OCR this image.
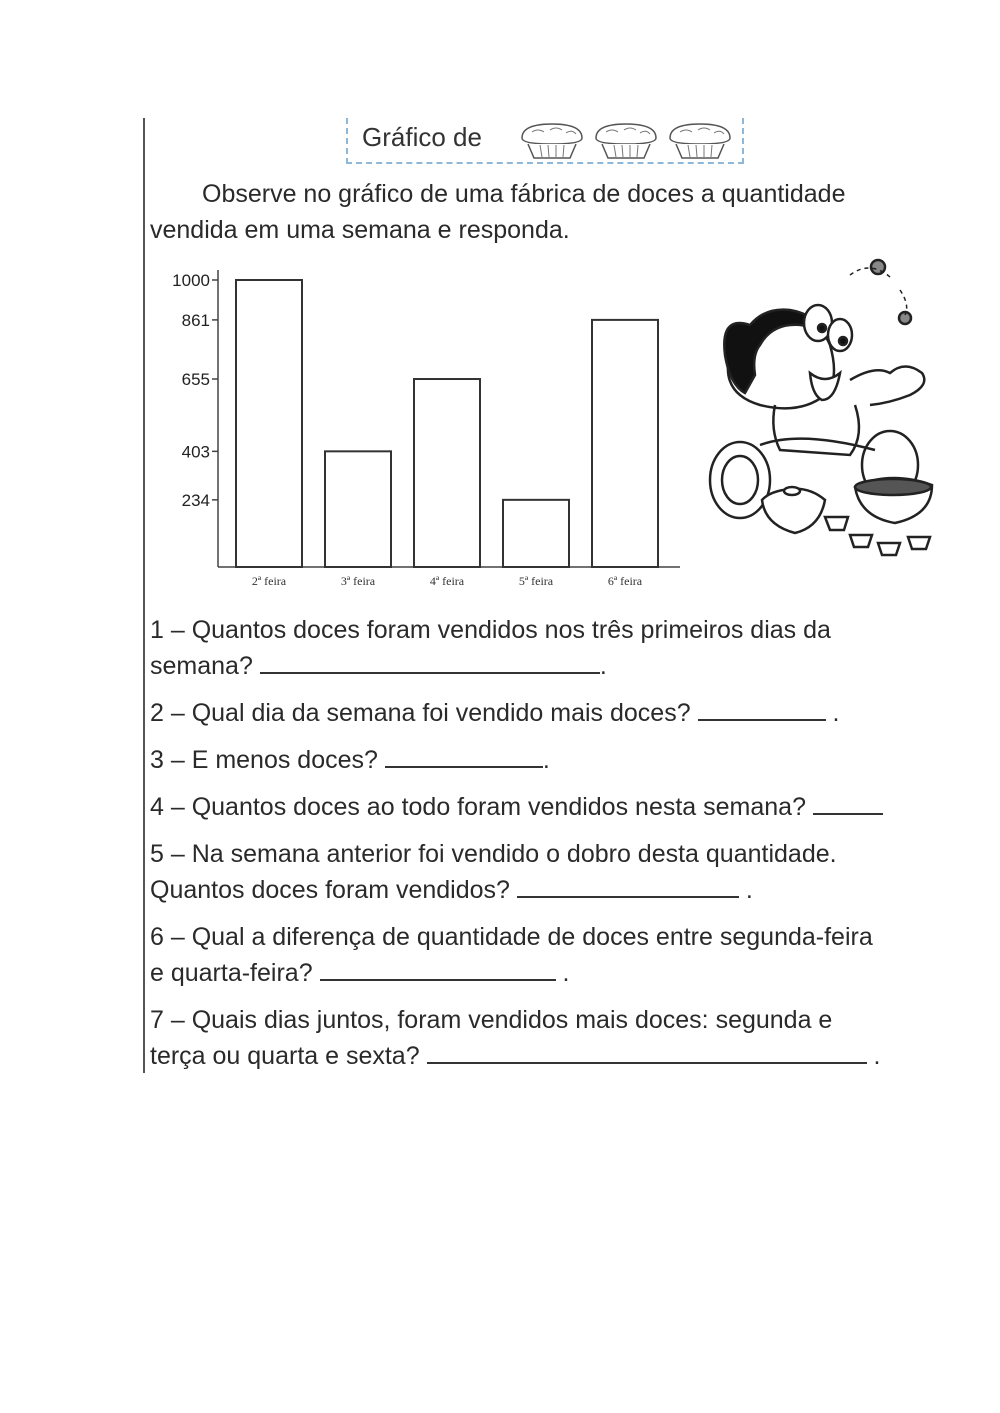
Gráfico de
Observe no gráfico de uma fábrica de doces a quantidade
vendida em uma semana e responda.
234
403
655
861
1000
2ª feira	3ª feira	4ª feira	5ª feira	6ª feira
1 – Quantos doces foram vendidos nos três primeiros dias da
semana?	.
2 – Qual dia da semana foi vendido mais doces?	.
3 – E menos doces?	.
4 – Quantos doces ao todo foram vendidos nesta semana?
5 – Na semana anterior foi vendido o dobro desta quantidade.
Quantos doces foram vendidos?	.
6 – Qual a diferença de quantidade de doces entre segunda-feira
e quarta-feira?	.
7 – Quais dias juntos, foram vendidos mais doces: segunda e
terça ou quarta e sexta?	.
